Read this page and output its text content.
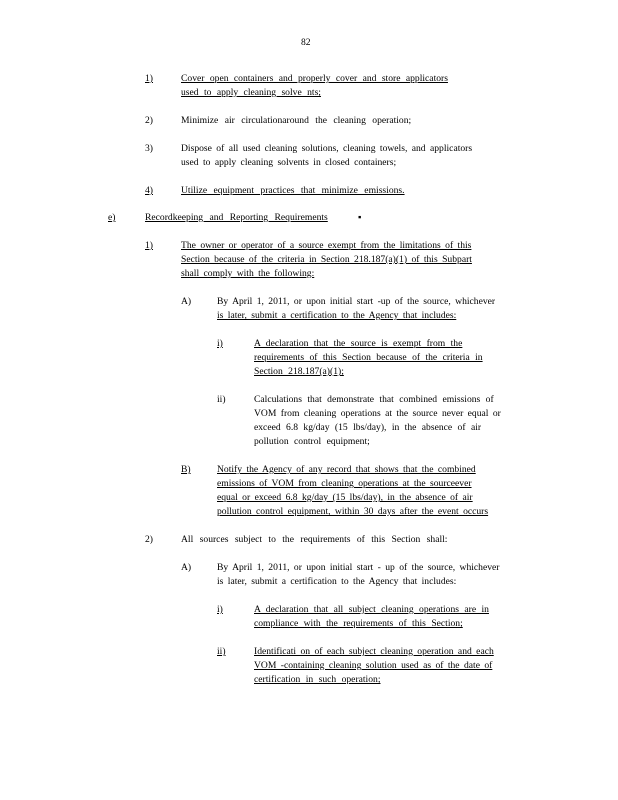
82
1)	Cover open containers and properly cover and store applicators
used to apply cleaning solve nts;
2)	Minimize air circulationaround the cleaning operation;
3)	Dispose of all used cleaning solutions, cleaning towels, and applicators
used to apply cleaning solvents in closed containers;
4)	Utilize equipment practices that minimize emissions.
e)	Recordkeeping and Reporting Requirements	▪
1)	The owner or operator of a source exempt from the limitations of this
Section because of the criteria in Section 218.187(a)(1) of this Subpart
shall comply with the following:
A)	By April 1, 2011, or upon initial start -up of the source, whichever
is later, submit a certification to the Agency that includes:
i)	A declaration that the source is exempt from the
requirements of this Section because of the criteria in
Section 218.187(a)(1);
ii)	Calculations that demonstrate that combined emissions of
VOM from cleaning operations at the source never equal or
exceed 6.8 kg/day (15 lbs/day), in the absence of air
pollution control equipment;
B)	Notify the Agency of any record that shows that the combined
emissions of VOM from cleaning operations at the sourceever
equal or exceed 6.8 kg/day (15 lbs/day), in the absence of air
pollution control equipment, within 30 days after the event occurs
2)	All sources subject to the requirements of this Section shall:
A)	By April 1, 2011, or upon initial start - up of the source, whichever
is later, submit a certification to the Agency that includes:
i)	A declaration that all subject cleaning operations are in
compliance with the requirements of this Section;
ii)	Identificati on of each subject cleaning operation and each
VOM -containing cleaning solution used as of the date of
certification in such operation;
